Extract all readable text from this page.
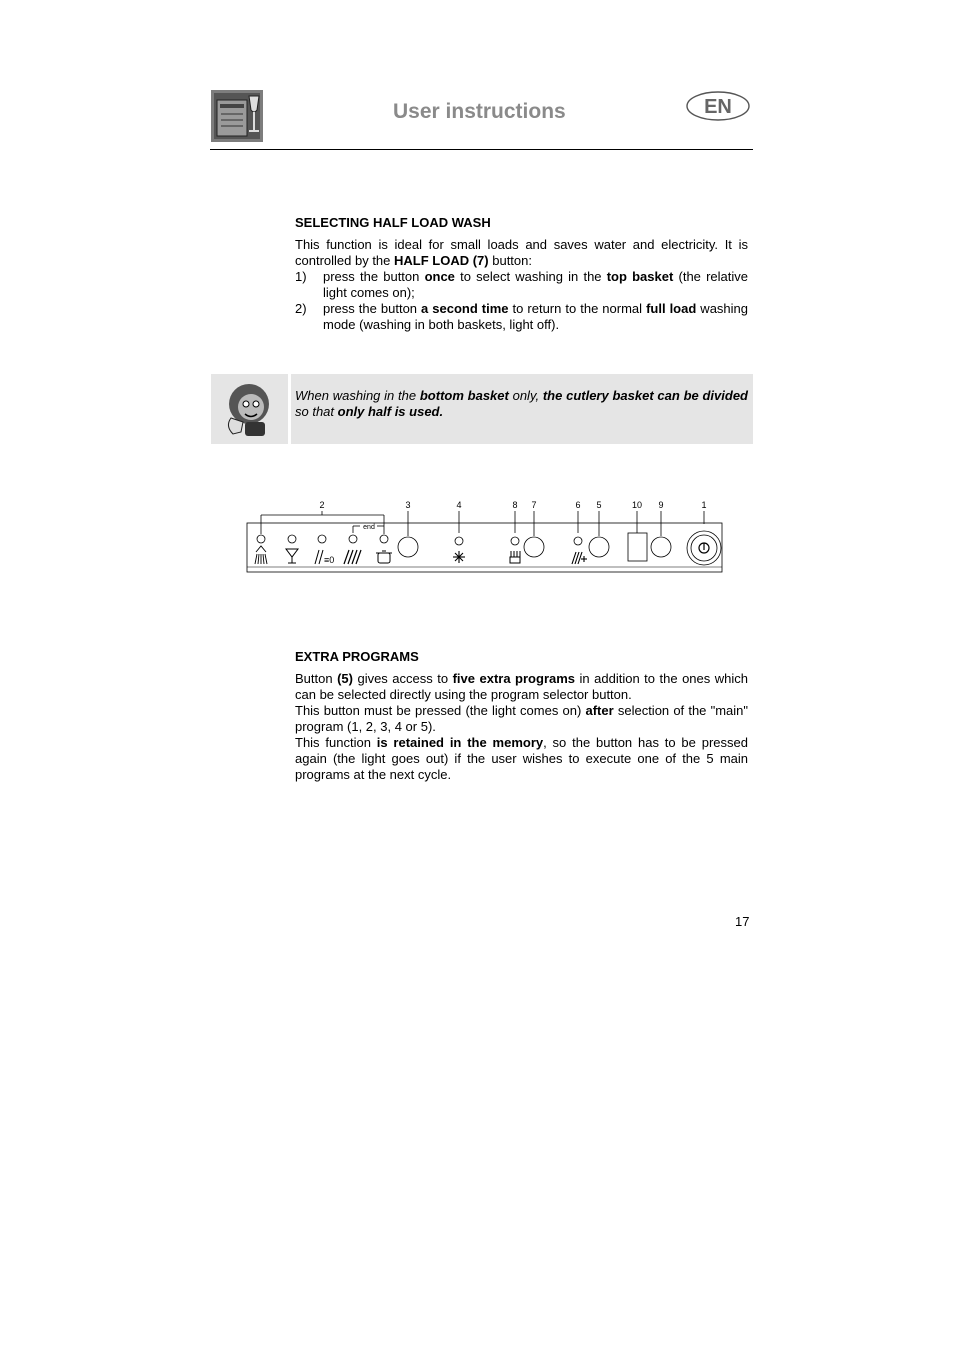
User instructions	EN
SELECTING HALF LOAD WASH
This function is ideal for small loads and saves water and electricity. It is controlled by the HALF LOAD (7) button:
1) press the button once to select washing in the top basket (the relative light comes on);
2) press the button a second time to return to the normal full load washing mode (washing in both baskets, light off).
When washing in the bottom basket only, the cutlery basket can be divided so that only half is used.
2	3	4	8 7	6 5	10 9	1
end
≡0
EXTRA PROGRAMS
Button (5) gives access to five extra programs in addition to the ones which can be selected directly using the program selector button.
This button must be pressed (the light comes on) after selection of the "main" program (1, 2, 3, 4 or 5).
This function is retained in the memory, so the button has to be pressed again (the light goes out) if the user wishes to execute one of the 5 main programs at the next cycle.
17
